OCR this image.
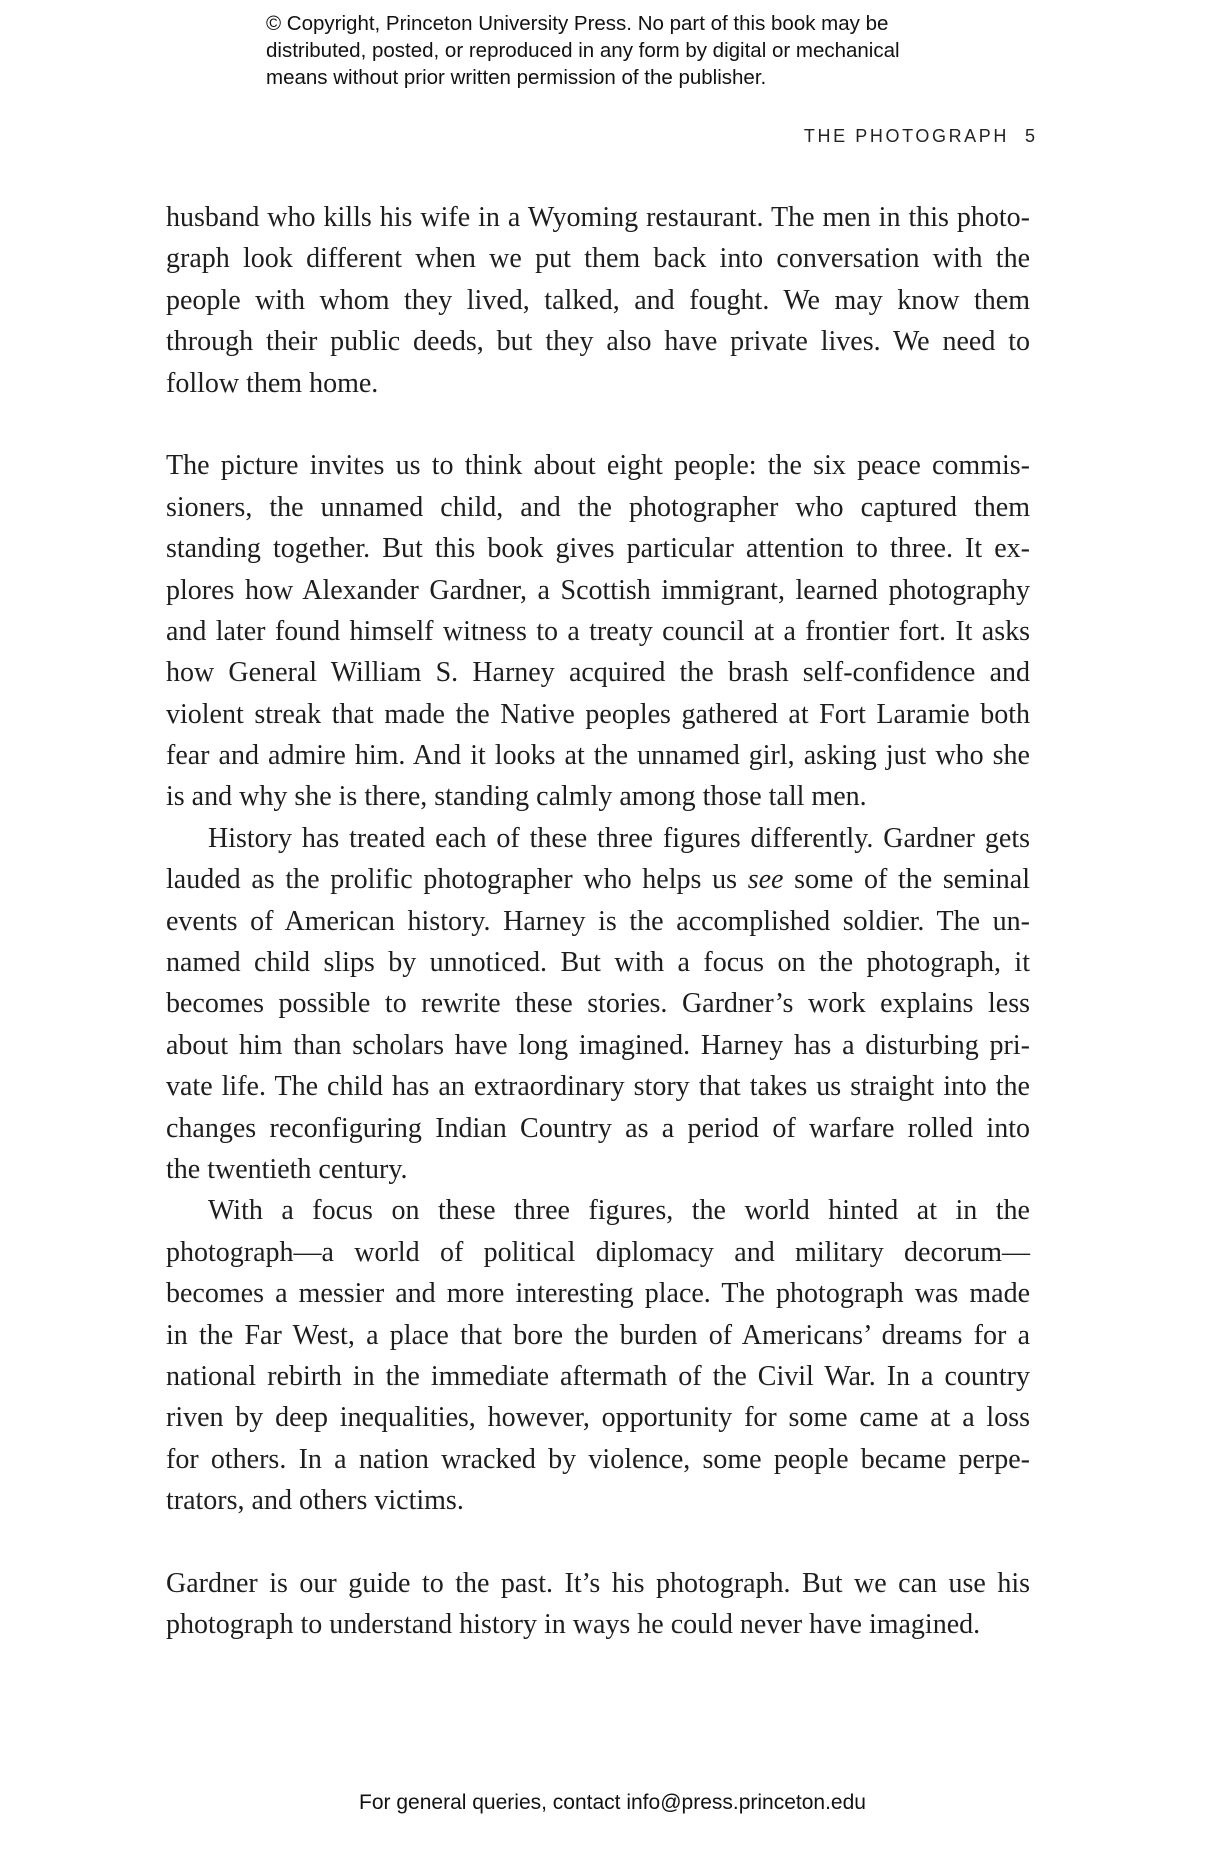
© Copyright, Princeton University Press. No part of this book may be
distributed, posted, or reproduced in any form by digital or mechanical
means without prior written permission of the publisher.
THE PHOTOGRAPH 5
husband who kills his wife in a Wyoming restaurant. The men in this photo-
graph look different when we put them back into conversation with the
people with whom they lived, talked, and fought. We may know them
through their public deeds, but they also have private lives. We need to
follow them home.
The picture invites us to think about eight people: the six peace commis-
sioners, the unnamed child, and the photographer who captured them
standing together. But this book gives particular attention to three. It ex-
plores how Alexander Gardner, a Scottish immigrant, learned photography
and later found himself witness to a treaty council at a frontier fort. It asks
how General William S. Harney acquired the brash self-confidence and
violent streak that made the Native peoples gathered at Fort Laramie both
fear and admire him. And it looks at the unnamed girl, asking just who she
is and why she is there, standing calmly among those tall men.
History has treated each of these three figures differently. Gardner gets
lauded as the prolific photographer who helps us see some of the seminal
events of American history. Harney is the accomplished soldier. The un-
named child slips by unnoticed. But with a focus on the photograph, it
becomes possible to rewrite these stories. Gardner’s work explains less
about him than scholars have long imagined. Harney has a disturbing pri-
vate life. The child has an extraordinary story that takes us straight into the
changes reconfiguring Indian Country as a period of warfare rolled into
the twentieth century.
With a focus on these three figures, the world hinted at in the
photograph—a world of political diplomacy and military decorum—
becomes a messier and more interesting place. The photograph was made
in the Far West, a place that bore the burden of Americans’ dreams for a
national rebirth in the immediate aftermath of the Civil War. In a country
riven by deep inequalities, however, opportunity for some came at a loss
for others. In a nation wracked by violence, some people became perpe-
trators, and others victims.
Gardner is our guide to the past. It’s his photograph. But we can use his
photograph to understand history in ways he could never have imagined.
For general queries, contact info@press.princeton.edu
